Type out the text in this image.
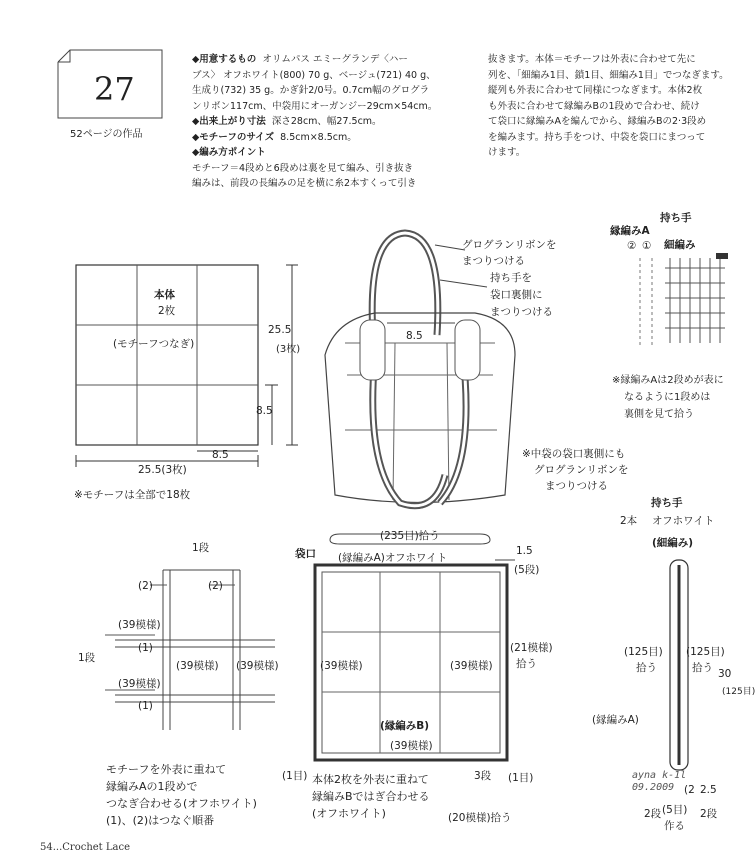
27
52ページの作品

◆用意するもの オリムパス エミーグランデ〈ハー

ブス〉 オフホワイト(800) 70 g、ベージュ(721) 40 g、

生成り(732) 35 g。かぎ針2/0号。0.7cm幅のグログラ

ンリボン117cm、中袋用にオーガンジー29cm×54cm。

◆出来上がり寸法 深さ28cm、幅27.5cm。

◆モチーフのサイズ 8.5cm×8.5cm。

◆編み方ポイント

モチーフ＝4段めと6段めは裏を見て編み、引き抜き

編みは、前段の長編みの足を横に糸2本すくって引き

抜きます。本体＝モチーフは外表に合わせて先に

列を、「細編み1目、鎖1目、細編み1目」でつなぎます。

縦列も外表に合わせて同様につなぎます。本体2枚

も外表に合わせて縁編みBの1段めで合わせ、続け

て袋口に縁編みAを編んでから、縁編みBの2·3段め

を編みます。持ち手をつけ、中袋を袋口にまつって

けます。

本体
2枚
(モチーフつなぎ)
25.5
(3枚)
8.5
8.5
25.5(3枚)
※モチーフは全部で18枚
グログランリボンを
まつりつける
持ち手を
袋口裏側に
まつりつける
8.5
※中袋の袋口裏側にも
グログランリボンを
まつりつける
持ち手
縁編みA
細編み
② ①
※縁編みAは2段めが表に
なるように1段めは
裏側を見て拾う
1段
(2)	(2)
(39模様)
(1)
(39模様) (39模様)
(39模様)
(1)
1段
モチーフを外表に重ねて
縁編みAの1段めで
つなぎ合わせる(オフホワイト)
(1)、(2)はつなぐ順番
(235目)拾う
袋口 (縁編みA)オフホワイト
1.5
(5段)
(39模様)	(39模様)
(21模様)
拾う
(縁編みB)
(39模様)
(1目)	(1目)
3段
本体2枚を外表に重ねて
縁編みBではぎ合わせる
(オフホワイト)	(20模様)拾う
持ち手
2本 オフホワイト
(細編み)
(125目)
拾う
(125目)
拾う 30
(125目)
(縁編みA)
(2 2.5
2段 (5目)
作る
2段
ayna k-1l
09.2009
54...Crochet Lace
